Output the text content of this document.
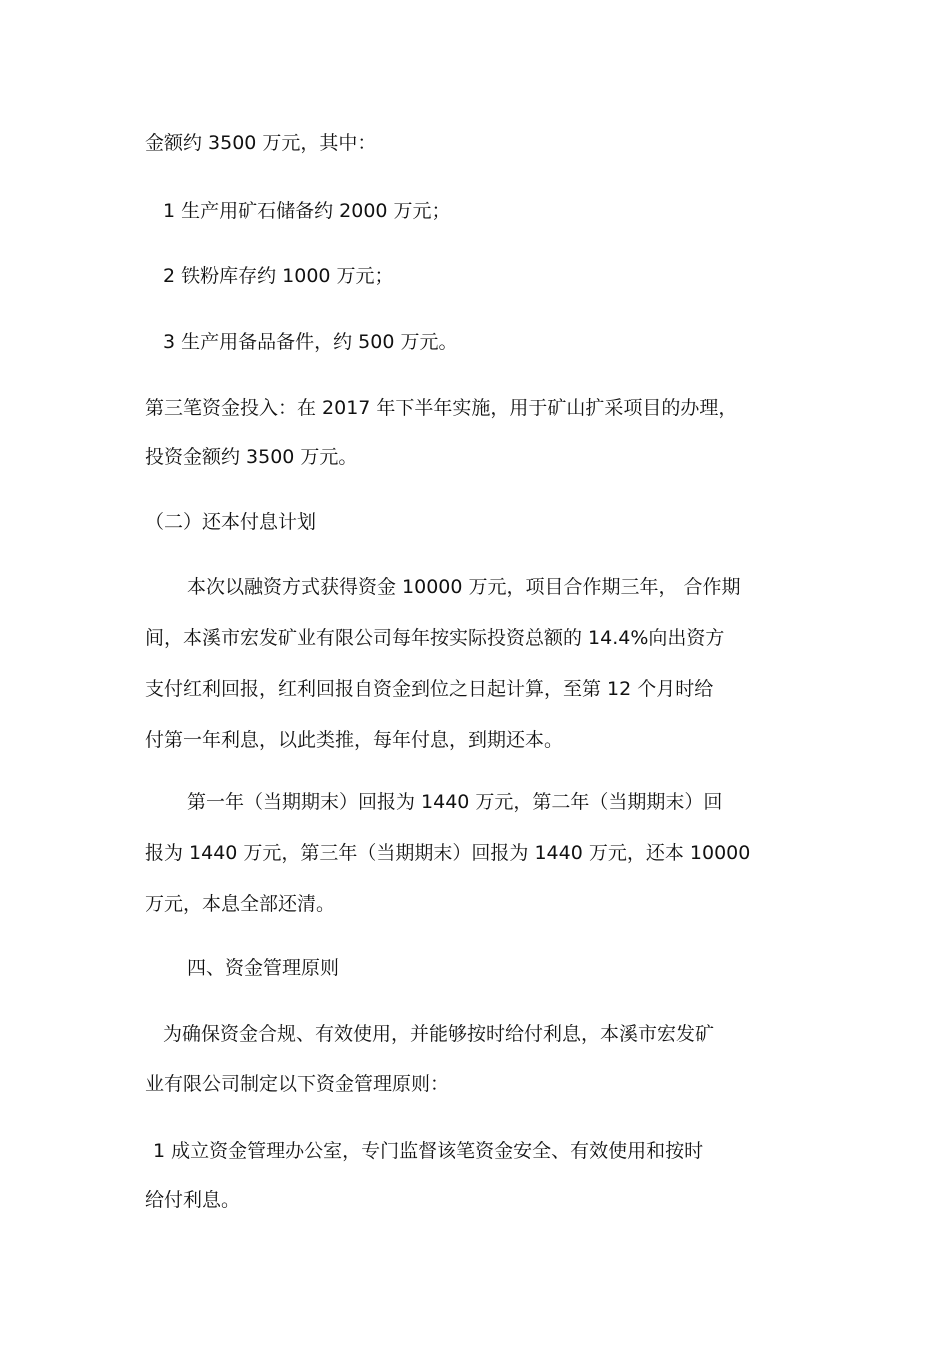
金额约 3500 万元，其中：
1 生产用矿石储备约 2000 万元；
2 铁粉库存约 1000 万元；
3 生产用备品备件，约 500 万元。
第三笔资金投入：在 2017 年下半年实施，用于矿山扩采项目的办理，
投资金额约 3500 万元。
（二）还本付息计划
本次以融资方式获得资金 10000 万元，项目合作期三年， 合作期
间，本溪市宏发矿业有限公司每年按实际投资总额的 14.4%向出资方
支付红利回报，红利回报自资金到位之日起计算，至第 12 个月时给
付第一年利息，以此类推，每年付息，到期还本。
第一年（当期期末）回报为 1440 万元，第二年（当期期末）回
报为 1440 万元，第三年（当期期末）回报为 1440 万元，还本 10000
万元，本息全部还清。
四、资金管理原则
为确保资金合规、有效使用，并能够按时给付利息，本溪市宏发矿
业有限公司制定以下资金管理原则：
1 成立资金管理办公室，专门监督该笔资金安全、有效使用和按时
给付利息。
